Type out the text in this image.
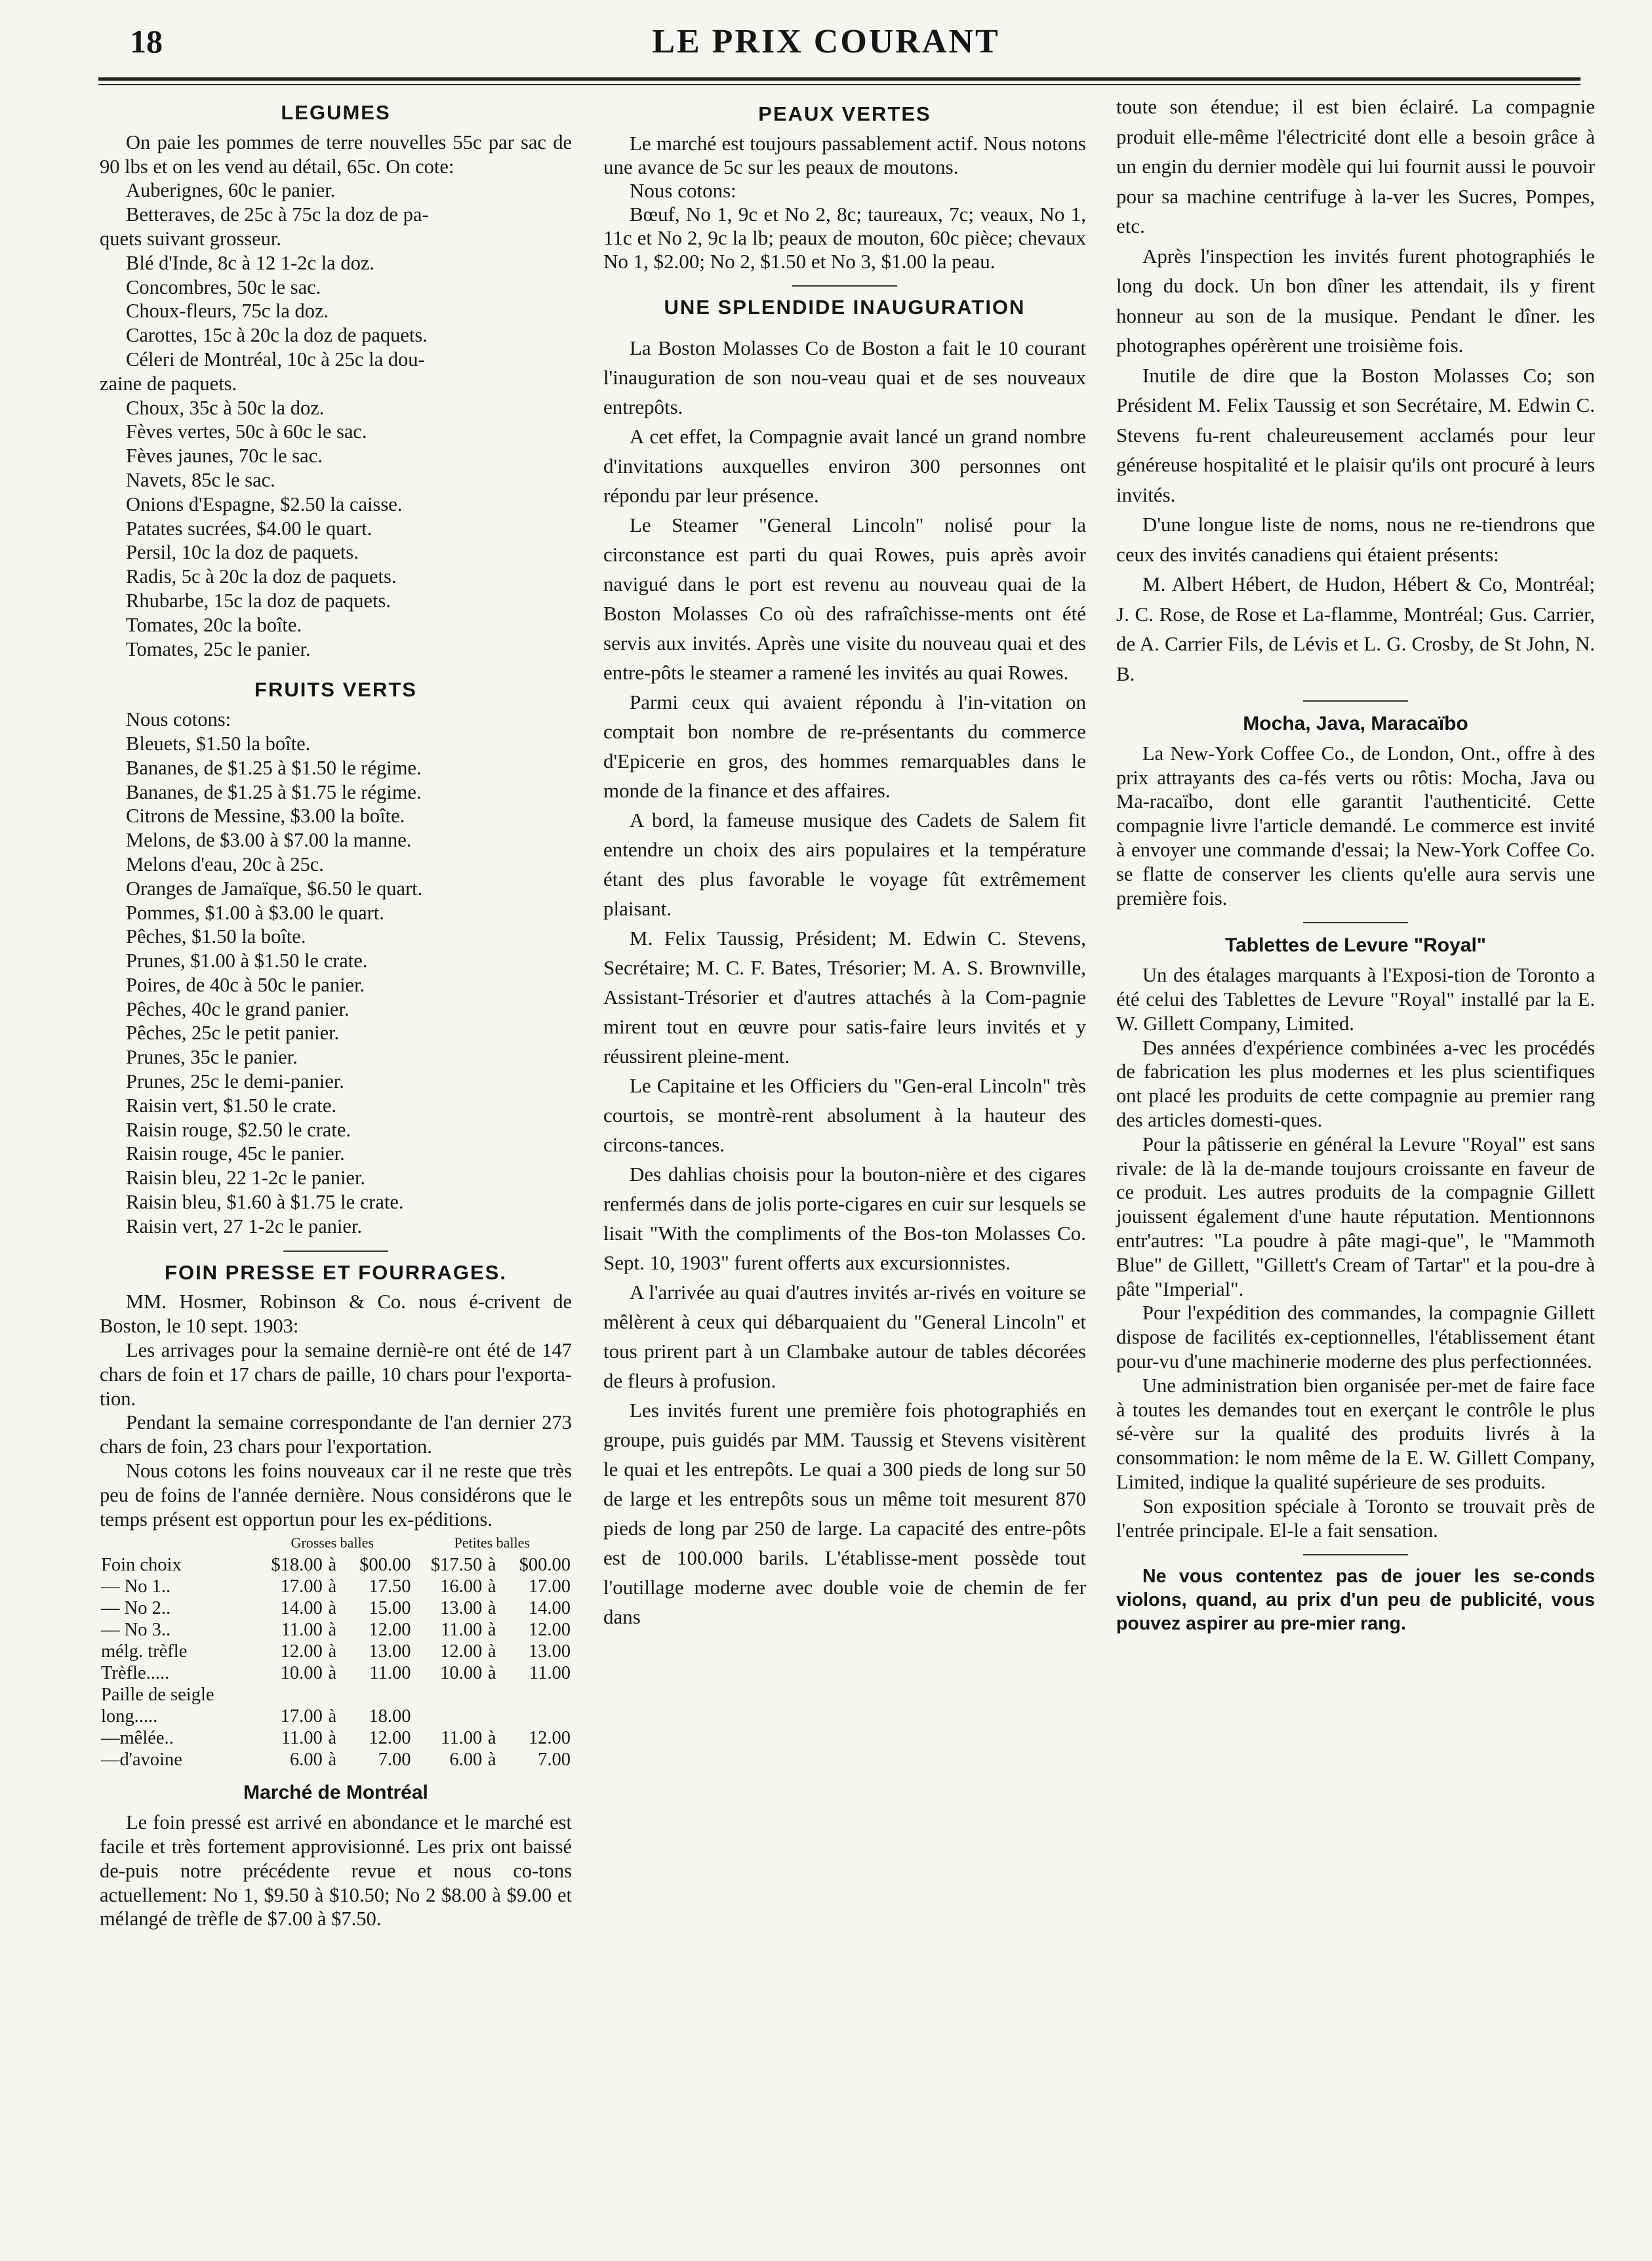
18	LE PRIX COURANT
LEGUMES

On paie les pommes de terre nouvelles 55c par sac de 90 lbs et on les vend au détail, 65c. On cote:

Auberignes, 60c le panier.
Betteraves, de 25c à 75c la doz de pa-
quets suivant grosseur.
Blé d'Inde, 8c à 12 1-2c la doz.
Concombres, 50c le sac.
Choux-fleurs, 75c la doz.
Carottes, 15c à 20c la doz de paquets.
Céleri de Montréal, 10c à 25c la dou-
zaine de paquets.
Choux, 35c à 50c la doz.
Fèves vertes, 50c à 60c le sac.
Fèves jaunes, 70c le sac.
Navets, 85c le sac.
Onions d'Espagne, $2.50 la caisse.
Patates sucrées, $4.00 le quart.
Persil, 10c la doz de paquets.
Radis, 5c à 20c la doz de paquets.
Rhubarbe, 15c la doz de paquets.
Tomates, 20c la boîte.
Tomates, 25c le panier.
FRUITS VERTS

Nous cotons:

Bleuets, $1.50 la boîte.
Bananes, de $1.25 à $1.50 le régime.
Bananes, de $1.25 à $1.75 le régime.
Citrons de Messine, $3.00 la boîte.
Melons, de $3.00 à $7.00 la manne.
Melons d'eau, 20c à 25c.
Oranges de Jamaïque, $6.50 le quart.
Pommes, $1.00 à $3.00 le quart.
Pêches, $1.50 la boîte.
Prunes, $1.00 à $1.50 le crate.
Poires, de 40c à 50c le panier.
Pêches, 40c le grand panier.
Pêches, 25c le petit panier.
Prunes, 35c le panier.
Prunes, 25c le demi-panier.
Raisin vert, $1.50 le crate.
Raisin rouge, $2.50 le crate.
Raisin rouge, 45c le panier.
Raisin bleu, 22 1-2c le panier.
Raisin bleu, $1.60 à $1.75 le crate.
Raisin vert, 27 1-2c le panier.
FOIN PRESSE ET FOURRAGES.

MM. Hosmer, Robinson & Co. nous é-crivent de Boston, le 10 sept. 1903:

Les arrivages pour la semaine derniè-re ont été de 147 chars de foin et 17 chars de paille, 10 chars pour l'exporta-tion.

Pendant la semaine correspondante de l'an dernier 273 chars de foin, 23 chars pour l'exportation.

Nous cotons les foins nouveaux car il ne reste que très peu de foins de l'année dernière. Nous considérons que le temps présent est opportun pour les ex-péditions.

	Grosses balles			Petites balles		
Foin choix	$18.00	à	$00.00	$17.50	à	$00.00
— No 1..	17.00	à	17.50	16.00	à	17.00
— No 2..	14.00	à	15.00	13.00	à	14.00
— No 3..	11.00	à	12.00	11.00	à	12.00
mélg. trèfle	12.00	à	13.00	12.00	à	13.00
Trèfle.....	10.00	à	11.00	10.00	à	11.00
Paille de seigle						
long.....	17.00	à	18.00			
—mêlée..	11.00	à	12.00	11.00	à	12.00
—d'avoine	6.00	à	7.00	6.00	à	7.00
Marché de Montréal

Le foin pressé est arrivé en abondance et le marché est facile et très fortement approvisionné. Les prix ont baissé de-puis notre précédente revue et nous co-tons actuellement: No 1, $9.50 à $10.50; No 2 $8.00 à $9.00 et mélangé de trèfle de $7.00 à $7.50.

PEAUX VERTES

Le marché est toujours passablement actif. Nous notons une avance de 5c sur les peaux de moutons.

Nous cotons:

Bœuf, No 1, 9c et No 2, 8c; taureaux, 7c; veaux, No 1, 11c et No 2, 9c la lb; peaux de mouton, 60c pièce; chevaux No 1, $2.00; No 2, $1.50 et No 3, $1.00 la peau.

UNE SPLENDIDE INAUGURATION

La Boston Molasses Co de Boston a fait le 10 courant l'inauguration de son nou-veau quai et de ses nouveaux entrepôts.

A cet effet, la Compagnie avait lancé un grand nombre d'invitations auxquelles environ 300 personnes ont répondu par leur présence.

Le Steamer "General Lincoln" nolisé pour la circonstance est parti du quai Rowes, puis après avoir navigué dans le port est revenu au nouveau quai de la Boston Molasses Co où des rafraîchisse-ments ont été servis aux invités. Après une visite du nouveau quai et des entre-pôts le steamer a ramené les invités au quai Rowes.

Parmi ceux qui avaient répondu à l'in-vitation on comptait bon nombre de re-présentants du commerce d'Epicerie en gros, des hommes remarquables dans le monde de la finance et des affaires.

A bord, la fameuse musique des Cadets de Salem fit entendre un choix des airs populaires et la température étant des plus favorable le voyage fût extrêmement plaisant.

M. Felix Taussig, Président; M. Edwin C. Stevens, Secrétaire; M. C. F. Bates, Trésorier; M. A. S. Brownville, Assistant-Trésorier et d'autres attachés à la Com-pagnie mirent tout en œuvre pour satis-faire leurs invités et y réussirent pleine-ment.

Le Capitaine et les Officiers du "Gen-eral Lincoln" très courtois, se montrè-rent absolument à la hauteur des circons-tances.

Des dahlias choisis pour la bouton-nière et des cigares renfermés dans de jolis porte-cigares en cuir sur lesquels se lisait "With the compliments of the Bos-ton Molasses Co. Sept. 10, 1903" furent offerts aux excursionnistes.

A l'arrivée au quai d'autres invités ar-rivés en voiture se mêlèrent à ceux qui débarquaient du "General Lincoln" et tous prirent part à un Clambake autour de tables décorées de fleurs à profusion.

Les invités furent une première fois photographiés en groupe, puis guidés par MM. Taussig et Stevens visitèrent le quai et les entrepôts. Le quai a 300 pieds de long sur 50 de large et les entrepôts sous un même toit mesurent 870 pieds de long par 250 de large. La capacité des entre-pôts est de 100.000 barils. L'établisse-ment possède tout l'outillage moderne avec double voie de chemin de fer dans

toute son étendue; il est bien éclairé. La compagnie produit elle-même l'électricité dont elle a besoin grâce à un engin du dernier modèle qui lui fournit aussi le pouvoir pour sa machine centrifuge à la-ver les Sucres, Pompes, etc.

Après l'inspection les invités furent photographiés le long du dock. Un bon dîner les attendait, ils y firent honneur au son de la musique. Pendant le dîner. les photographes opérèrent une troisième fois.

Inutile de dire que la Boston Molasses Co; son Président M. Felix Taussig et son Secrétaire, M. Edwin C. Stevens fu-rent chaleureusement acclamés pour leur généreuse hospitalité et le plaisir qu'ils ont procuré à leurs invités.

D'une longue liste de noms, nous ne re-tiendrons que ceux des invités canadiens qui étaient présents:

M. Albert Hébert, de Hudon, Hébert & Co, Montréal; J. C. Rose, de Rose et La-flamme, Montréal; Gus. Carrier, de A. Carrier Fils, de Lévis et L. G. Crosby, de St John, N. B.

Mocha, Java, Maracaïbo

La New-York Coffee Co., de London, Ont., offre à des prix attrayants des ca-fés verts ou rôtis: Mocha, Java ou Ma-racaïbo, dont elle garantit l'authenticité. Cette compagnie livre l'article demandé. Le commerce est invité à envoyer une commande d'essai; la New-York Coffee Co. se flatte de conserver les clients qu'elle aura servis une première fois.

Tablettes de Levure "Royal"

Un des étalages marquants à l'Exposi-tion de Toronto a été celui des Tablettes de Levure "Royal" installé par la E. W. Gillett Company, Limited.

Des années d'expérience combinées a-vec les procédés de fabrication les plus modernes et les plus scientifiques ont placé les produits de cette compagnie au premier rang des articles domesti-ques.

Pour la pâtisserie en général la Levure "Royal" est sans rivale: de là la de-mande toujours croissante en faveur de ce produit. Les autres produits de la compagnie Gillett jouissent également d'une haute réputation. Mentionnons entr'autres: "La poudre à pâte magi-que", le "Mammoth Blue" de Gillett, "Gillett's Cream of Tartar" et la pou-dre à pâte "Imperial".

Pour l'expédition des commandes, la compagnie Gillett dispose de facilités ex-ceptionnelles, l'établissement étant pour-vu d'une machinerie moderne des plus perfectionnées.

Une administration bien organisée per-met de faire face à toutes les demandes tout en exerçant le contrôle le plus sé-vère sur la qualité des produits livrés à la consommation: le nom même de la E. W. Gillett Company, Limited, indique la qualité supérieure de ses produits.

Son exposition spéciale à Toronto se trouvait près de l'entrée principale. El-le a fait sensation.

Ne vous contentez pas de jouer les se-conds violons, quand, au prix d'un peu de publicité, vous pouvez aspirer au pre-mier rang.
